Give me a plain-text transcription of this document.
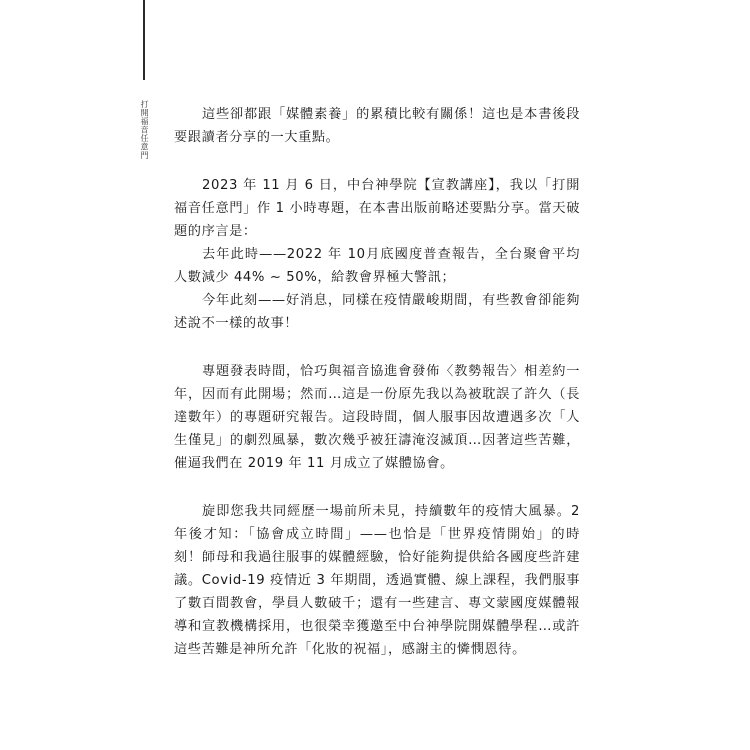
打開福音任意門	這些卻都跟「媒體素養」的累積比較有關係！這也是本書後段要跟讀者分享的一大重點。

2023 年 11 月 6 日，中台神學院【宣教講座】，我以「打開福音任意門」作 1 小時專題，在本書出版前略述要點分享。當天破題的序言是：

去年此時——2022 年 10月底國度普查報告，全台聚會平均人數減少 44% ~ 50%，給教會界極大警訊；

今年此刻——好消息，同樣在疫情嚴峻期間，有些教會卻能夠述說不一樣的故事！

專題發表時間，恰巧與福音協進會發佈〈教勢報告〉相差約一年，因而有此開場；然而…這是一份原先我以為被耽誤了許久（長達數年）的專題研究報告。這段時間，個人服事因故遭遇多次「人生僅見」的劇烈風暴，數次幾乎被狂濤淹沒滅頂…因著這些苦難，催逼我們在 2019 年 11 月成立了媒體協會。

旋即您我共同經歷一場前所未見，持續數年的疫情大風暴。2 年後才知：「協會成立時間」——也恰是「世界疫情開始」的時刻！師母和我過往服事的媒體經驗，恰好能夠提供給各國度些許建議。Covid-19 疫情近 3 年期間，透過實體、線上課程，我們服事了數百間教會，學員人數破千；還有一些建言、專文蒙國度媒體報導和宣教機構採用，也很榮幸獲邀至中台神學院開媒體學程…或許這些苦難是神所允許「化妝的祝福」，感謝主的憐憫恩待。
